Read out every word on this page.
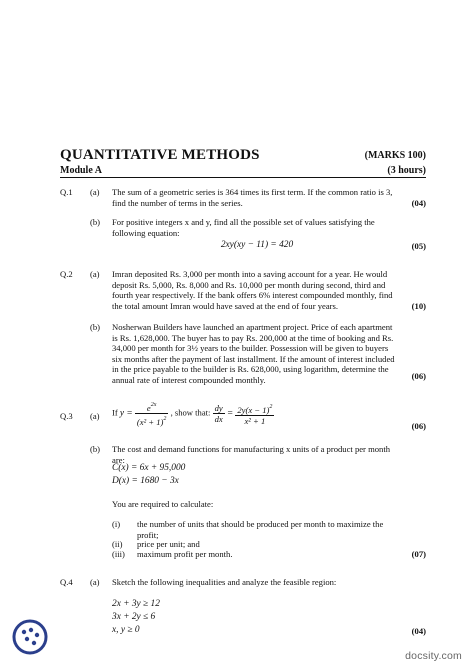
QUANTITATIVE METHODS	(MARKS 100)
Module A	(3 hours)
Q.1 (a) The sum of a geometric series is 364 times its first term. If the common ratio is 3,
find the number of terms in the series.	(04)
(b) For positive integers x and y, find all the possible set of values satisfying the
following equation:
2xy(xy − 11) = 420	(05)
Q.2 (a) Imran deposited Rs. 3,000 per month into a saving account for a year. He would
deposit Rs. 5,000, Rs. 8,000 and Rs. 10,000 per month during second, third and
fourth year respectively. If the bank offers 6% interest compounded monthly, find
the total amount Imran would have saved at the end of four years.	(10)
(b) Nosherwan Builders have launched an apartment project. Price of each apartment
is Rs. 1,628,000. The buyer has to pay Rs. 200,000 at the time of booking and Rs.
34,000 per month for 3½ years to the builder. Possession will be given to buyers
six months after the payment of last installment. If the amount of interest included
in the price payable to the builder is Rs. 628,000, using logarithm, determine the
annual rate of interest compounded monthly.	(06)
Q.3 (a) If $y = \frac{e^{2x}}{(x^2 + 1)^2}$ , show that: $\frac{dy}{dx} = \frac{2y(x - 1)^2}{\text{x² + 1}}$
(06)
(b) The cost and demand functions for manufacturing x units of a product per month
are:
C(x) = 6x + 95,000
D(x) = 1680 − 3x
You are required to calculate:
(i) the number of units that should be produced per month to maximize the
profit;
(ii) price per unit; and
(iii) maximum profit per month.	(07)
Q.4 (a) Sketch the following inequalities and analyze the feasible region:
2x + 3y ≥ 12
3x + 2y ≤ 6
x, y ≥ 0	(04)
docsity.com
